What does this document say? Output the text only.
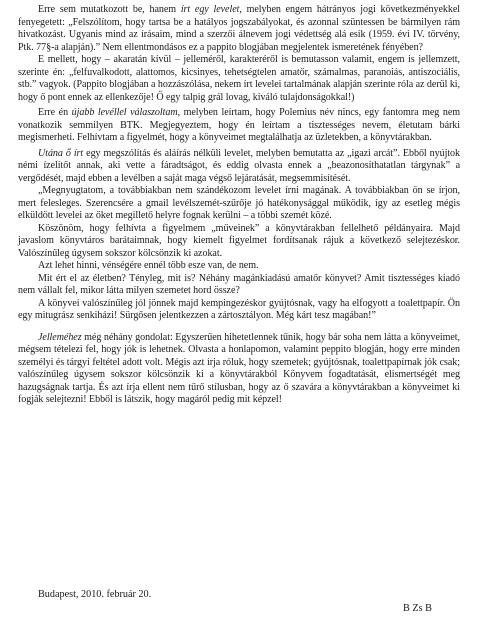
Erre sem mutatkozott be, hanem írt egy levelet, melyben engem hátrányos jogi következményekkel fenyegetett: „Felszólítom, hogy tartsa be a hatályos jogszabályokat, és azonnal szüntessen be bármilyen rám hivatkozást. Ugyanis mind az írásaim, mind a szerzői álnevem jogi védettség alá esik (1959. évi IV. törvény, Ptk. 77§-a alapján).” Nem ellentmondásos ez a pappito blogjában megjelentek ismeretének fényében?

E mellett, hogy – akaratán kívül – jelleméről, karakteréről is bemutasson valamit, engem is jellemzett, szerinte én: „felfuvalkodott, alattomos, kicsinyes, tehetségtelen amatőr, számalmas, paranoiás, antiszociális, stb.” vagyok. (Pappito blogjában a hozzászólása, nekem írt levelei tartalmának alapján szerinte rólа az derül ki, hogy ő pont ennek az ellenkezője! Ő egy talpig grál lovag, kiváló tulajdonságokkal!)

Erre én újabb levéllel válaszoltam, melyben leírtam, hogy Polemius név nincs, egy fantomra meg nem vonatkozik semmilyen BTK. Megjegyeztem, hogy én leírtam a tisztességes nevem, életutam bárki megismerheti. Felhívtam a figyelmét, hogy a könyveimet megtalálhatja az üzletekben, a könyvtárakban.

Utána ő írt egy megszólítás és aláírás nélküli levelet, melyben bemutatta az „igazi arcát”. Ebből nyújtok némi ízelítőt annak, aki vette a fáradtságot, és eddig olvasta ennek a „beazonosíthatatlan tárgynak” a vergődését, majd ebben a levélben a saját maga végső lejáratását, megsemmisítését.

„Megnyugtatom, a továbbiakban nem szándékozom levelet írni magának. A továbbiakban ön se írjon, mert felesleges. Szerencsére a gmail levélszemét-szűrője jó hatékonysággal működik, így az esetleg mégis elküldött levelei az őket megillető helyre fognak kerülni – a többi szemét közé.

Köszönöm, hogy felhívta a figyelmem „műveinek” a könyvtárakban fellelhető példányaira. Majd javaslom könyvtáros barátaimnak, hogy kiemelt figyelmet fordítsanak rájuk a következő selejtezéskor. Valószínűleg úgysem sokszor kölcsönzik ki azokat.

Azt lehet hinni, vénségére ennél több esze van, de nem.

Mit ért el az életben? Tényleg, mit is? Néhány magánkiadású amatőr könyvet? Amit tisztességes kiadó nem vállalt fel, mikor látta milyen szemetet hord össze?

A könyvei valószínűleg jól jönnek majd kempingezéskor gyújtósnak, vagy ha elfogyott a toalettpapír. Ön egy mitugrász senkiházi! Sürgősen jelentkezzen a zártosztályon. Még kárt tesz magában!”

Jelleméhez még néhány gondolat: Egyszerűen hihetetlennek tűnik, hogy bár soha nem látta a könyveimet, mégsem tételezi fel, hogy jók is lehetnek. Olvasta a honlapomon, valamint peppito blogján, hogy erre minden személyi és tárgyi feltétel adott volt. Mégis azt írja róluk, hogy szemetek; gyújtósnak, toalettpapírnak jók csak; valószínűleg úgysem sokszor kölcsönzik ki a könyvtárakból Könyvem fogadtatását, elismertségét meg hazugságnak tartja. És azt írja ellent nem tűrő stílusban, hogy az ő szavára a könyvtárakban a könyveimet ki fogják selejtezni! Ebből is látszik, hogy magáról pedig mit képzel!

Budapest, 2010. február 20.
B Zs B
